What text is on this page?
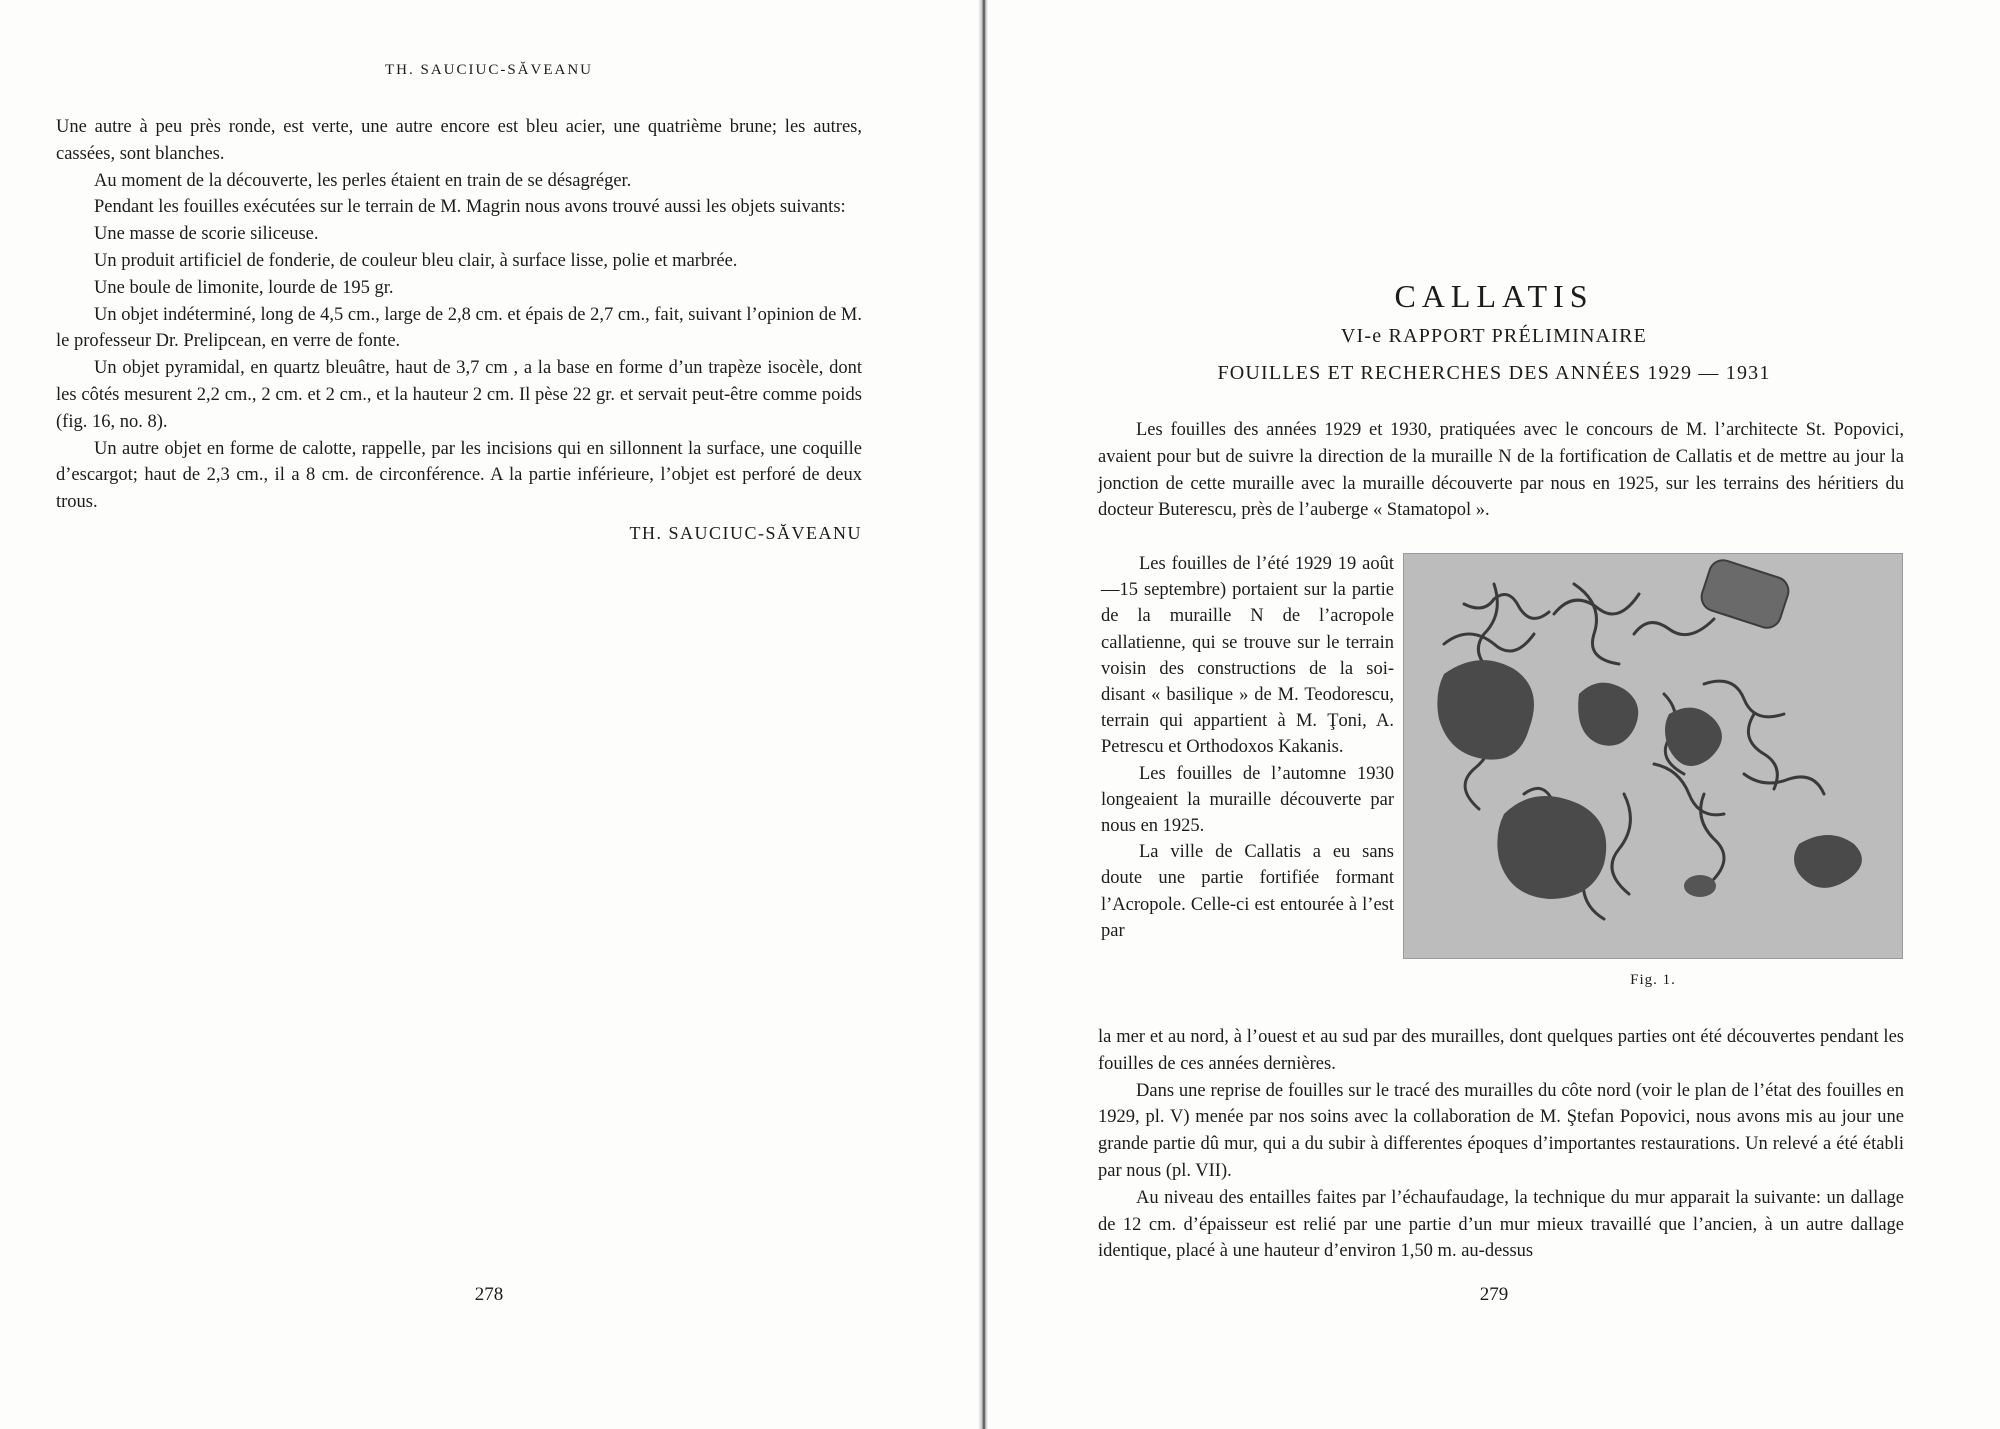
TH. SAUCIUC-SĂVEANU

Une autre à peu près ronde, est verte, une autre encore est bleu acier, une quatrième brune; les autres, cassées, sont blanches.

Au moment de la découverte, les perles étaient en train de se désagréger.

Pendant les fouilles exécutées sur le terrain de M. Magrin nous avons trouvé aussi les objets suivants:

Une masse de scorie siliceuse.

Un produit artificiel de fonderie, de couleur bleu clair, à surface lisse, polie et marbrée.

Une boule de limonite, lourde de 195 gr.

Un objet indéterminé, long de 4,5 cm., large de 2,8 cm. et épais de 2,7 cm., fait, suivant l’opinion de M. le professeur Dr. Prelipcean, en verre de fonte.

Un objet pyramidal, en quartz bleuâtre, haut de 3,7 cm , a la base en forme d’un trapèze isocèle, dont les côtés mesurent 2,2 cm., 2 cm. et 2 cm., et la hauteur 2 cm. Il pèse 22 gr. et servait peut-être comme poids (fig. 16, no. 8).

Un autre objet en forme de calotte, rappelle, par les incisions qui en sillonnent la surface, une coquille d’escargot; haut de 2,3 cm., il a 8 cm. de circonférence. A la partie inférieure, l’objet est perforé de deux trous.

TH. SAUCIUC-SĂVEANU
278
CALLATIS
VI-e RAPPORT PRÉLIMINAIRE
FOUILLES ET RECHERCHES DES ANNÉES 1929 — 1931

Les fouilles des années 1929 et 1930, pratiquées avec le concours de M. l’architecte St. Popovici, avaient pour but de suivre la direction de la muraille N de la fortification de Callatis et de mettre au jour la jonction de cette muraille avec la muraille découverte par nous en 1925, sur les terrains des héritiers du docteur Buterescu, près de l’auberge « Stamatopol ».

Les fouilles de l’été 1929 19 août—15 septembre) portaient sur la partie de la muraille N de l’acropole callatienne, qui se trouve sur le terrain voisin des constructions de la soi-disant « basilique » de M. Teodorescu, terrain qui appartient à M. Ţoni, A. Petrescu et Orthodoxos Kakanis.

Les fouilles de l’automne 1930 longeaient la muraille découverte par nous en 1925.

La ville de Callatis a eu sans doute une partie fortifiée formant l’Acropole. Celle-ci est entourée à l’est par

Fig. 1.

la mer et au nord, à l’ouest et au sud par des murailles, dont quelques parties ont été découvertes pendant les fouilles de ces années dernières.

Dans une reprise de fouilles sur le tracé des murailles du côte nord (voir le plan de l’état des fouilles en 1929, pl. V) menée par nos soins avec la collaboration de M. Ştefan Popovici, nous avons mis au jour une grande partie dû mur, qui a du subir à differentes époques d’importantes restaurations. Un relevé a été établi par nous (pl. VII).

Au niveau des entailles faites par l’échaufaudage, la technique du mur apparait la suivante: un dallage de 12 cm. d’épaisseur est relié par une partie d’un mur mieux travaillé que l’ancien, à un autre dallage identique, placé à une hauteur d’environ 1,50 m. au-dessus

279
